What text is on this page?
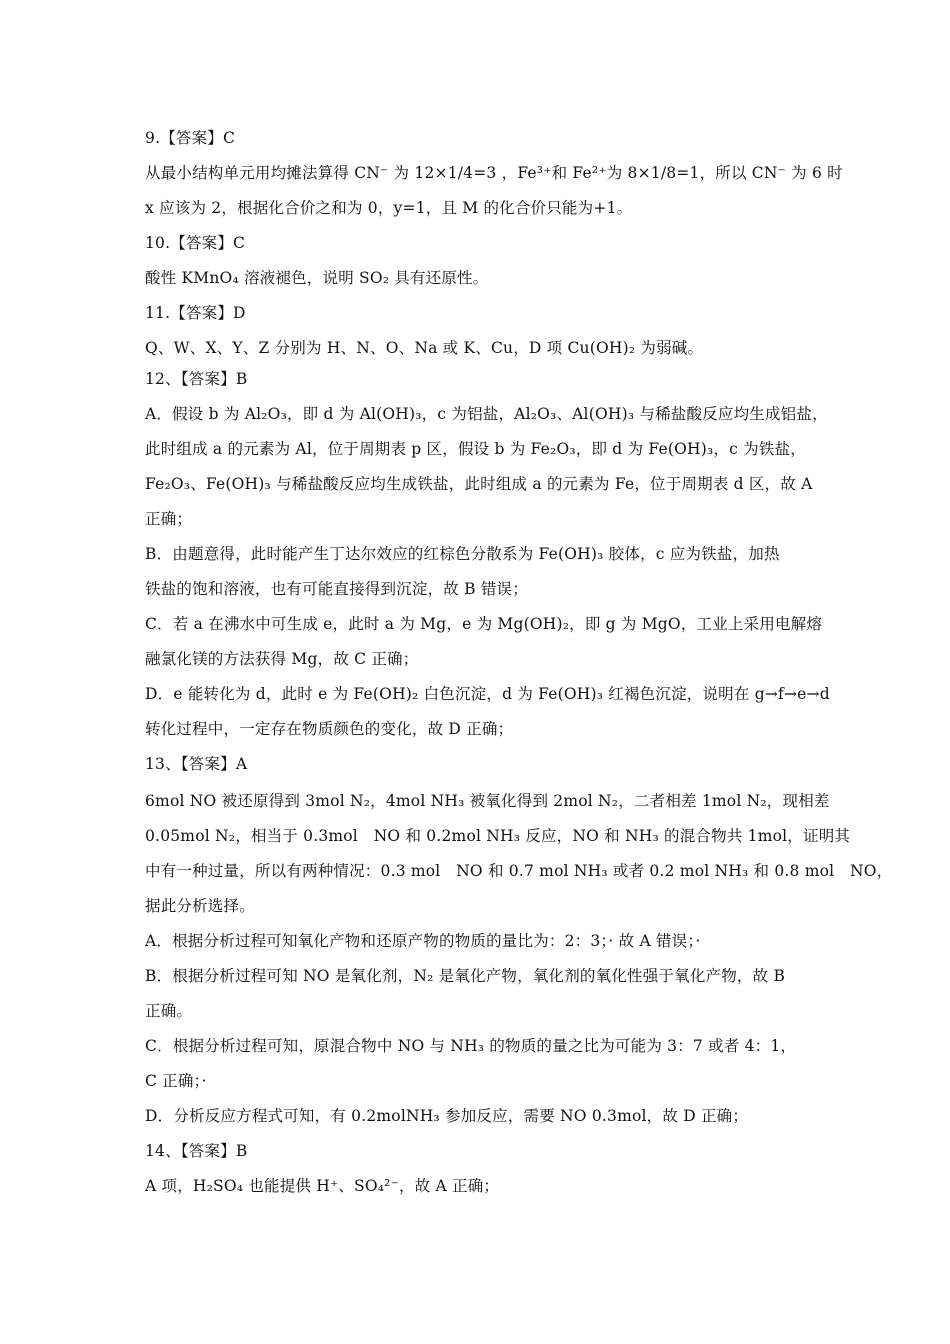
9.【答案】C
从最小结构单元用均摊法算得 CN⁻ 为 12×1/4=3 ，Fe³⁺和 Fe²⁺为 8×1/8=1，所以 CN⁻ 为 6 时
x 应该为 2，根据化合价之和为 0，y=1，且 M 的化合价只能为+1。
10.【答案】C
酸性 KMnO₄ 溶液褪色，说明 SO₂ 具有还原性。
11.【答案】D
Q、W、X、Y、Z 分别为 H、N、O、Na 或 K、Cu，D 项 Cu(OH)₂ 为弱碱。
12、【答案】B
A．假设 b 为 Al₂O₃，即 d 为 Al(OH)₃，c 为铝盐，Al₂O₃、Al(OH)₃ 与稀盐酸反应均生成铝盐，
此时组成 a 的元素为 Al，位于周期表 p 区，假设 b 为 Fe₂O₃，即 d 为 Fe(OH)₃，c 为铁盐，
Fe₂O₃、Fe(OH)₃ 与稀盐酸反应均生成铁盐，此时组成 a 的元素为 Fe，位于周期表 d 区，故 A
正确；
B．由题意得，此时能产生丁达尔效应的红棕色分散系为 Fe(OH)₃ 胶体，c 应为铁盐，加热
铁盐的饱和溶液，也有可能直接得到沉淀，故 B 错误；
C．若 a 在沸水中可生成 e，此时 a 为 Mg，e 为 Mg(OH)₂，即 g 为 MgO，工业上采用电解熔
融氯化镁的方法获得 Mg，故 C 正确；
D．e 能转化为 d，此时 e 为 Fe(OH)₂ 白色沉淀，d 为 Fe(OH)₃ 红褐色沉淀，说明在 g→f→e→d
转化过程中，一定存在物质颜色的变化，故 D 正确；
13、【答案】A
6mol NO 被还原得到 3mol N₂，4mol NH₃ 被氧化得到 2mol N₂，二者相差 1mol N₂，现相差
0.05mol N₂，相当于 0.3mol　NO 和 0.2mol NH₃ 反应，NO 和 NH₃ 的混合物共 1mol，证明其
中有一种过量，所以有两种情况：0.3 mol　NO 和 0.7 mol NH₃ 或者 0.2 mol NH₃ 和 0.8 mol　NO，
据此分析选择。
A．根据分析过程可知氧化产物和还原产物的物质的量比为：2：3；· 故 A 错误；·
B．根据分析过程可知 NO 是氧化剂，N₂ 是氧化产物，氧化剂的氧化性强于氧化产物，故 B
正确。
C．根据分析过程可知，原混合物中 NO 与 NH₃ 的物质的量之比为可能为 3：7 或者 4：1，
C 正确；·
D．分析反应方程式可知，有 0.2molNH₃ 参加反应，需要 NO 0.3mol，故 D 正确；
14、【答案】B
A 项，H₂SO₄ 也能提供 H⁺、SO₄²⁻，故 A 正确；
